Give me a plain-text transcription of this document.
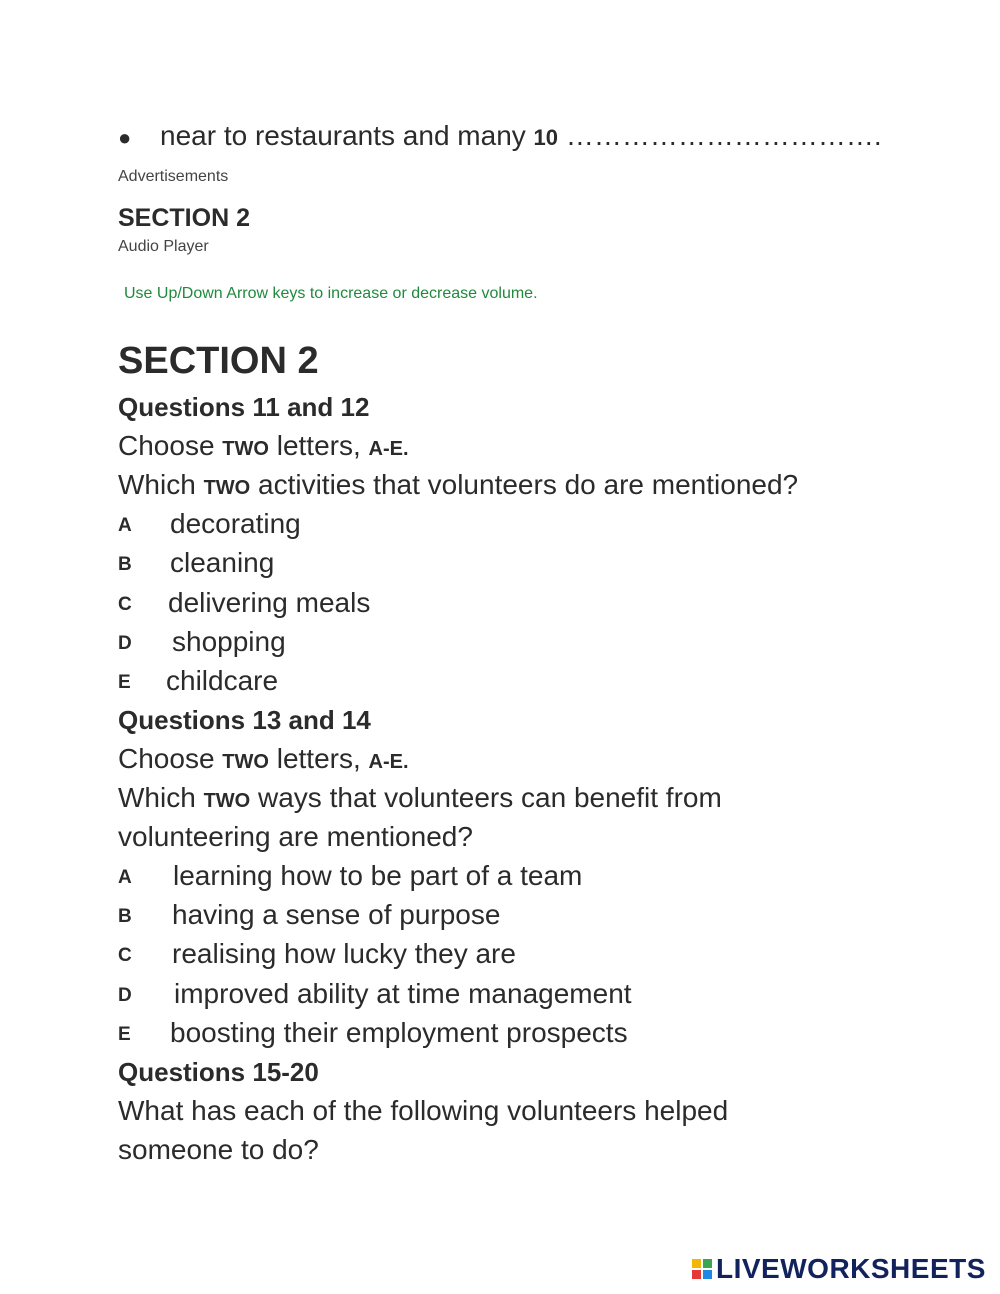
● near to restaurants and many 10 …………………………….
Advertisements
SECTION 2
Audio Player
Use Up/Down Arrow keys to increase or decrease volume.
SECTION 2
Questions 11 and 12
Choose TWO letters, A-E.
Which TWO activities that volunteers do are mentioned?
A decorating
B cleaning
C delivering meals
D shopping
E childcare
Questions 13 and 14
Choose TWO letters, A-E.
Which TWO ways that volunteers can benefit from
volunteering are mentioned?
A learning how to be part of a team
B having a sense of purpose
C realising how lucky they are
D improved ability at time management
E boosting their employment prospects
Questions 15-20
What has each of the following volunteers helped
someone to do?
LIVEWORKSHEETS
